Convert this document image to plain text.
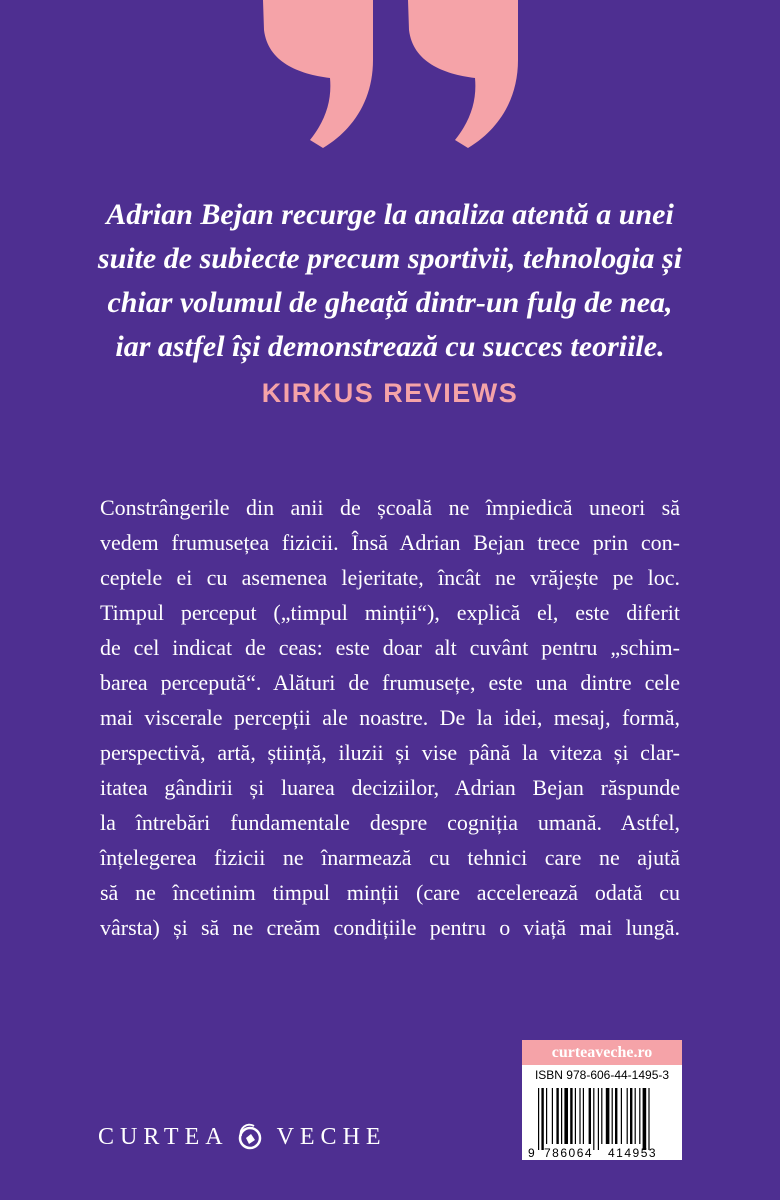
Adrian Bejan recurge la analiza atentă a unei
suite de subiecte precum sportivii, tehnologia și
chiar volumul de gheață dintr-un fulg de nea,
iar astfel își demonstrează cu succes teoriile.
KIRKUS REVIEWS
Constrângerile din anii de școală ne împiedică uneori să
vedem frumusețea fizicii. Însă Adrian Bejan trece prin con-
ceptele ei cu asemenea lejeritate, încât ne vrăjește pe loc.
Timpul perceput („timpul minții“), explică el, este diferit
de cel indicat de ceas: este doar alt cuvânt pentru „schim-
barea percepută“. Alături de frumusețe, este una dintre cele
mai viscerale percepții ale noastre. De la idei, mesaj, formă,
perspectivă, artă, știință, iluzii și vise până la viteza și clar-
itatea gândirii și luarea deciziilor, Adrian Bejan răspunde
la întrebări fundamentale despre cogniția umană. Astfel,
înțelegerea fizicii ne înarmează cu tehnici care ne ajută
să ne încetinim timpul minții (care accelerează odată cu
vârsta) și să ne creăm condițiile pentru o viață mai lungă.
CURTEA VECHE
curteaveche.ro
ISBN 978-606-44-1495-3
9 786064 414953
